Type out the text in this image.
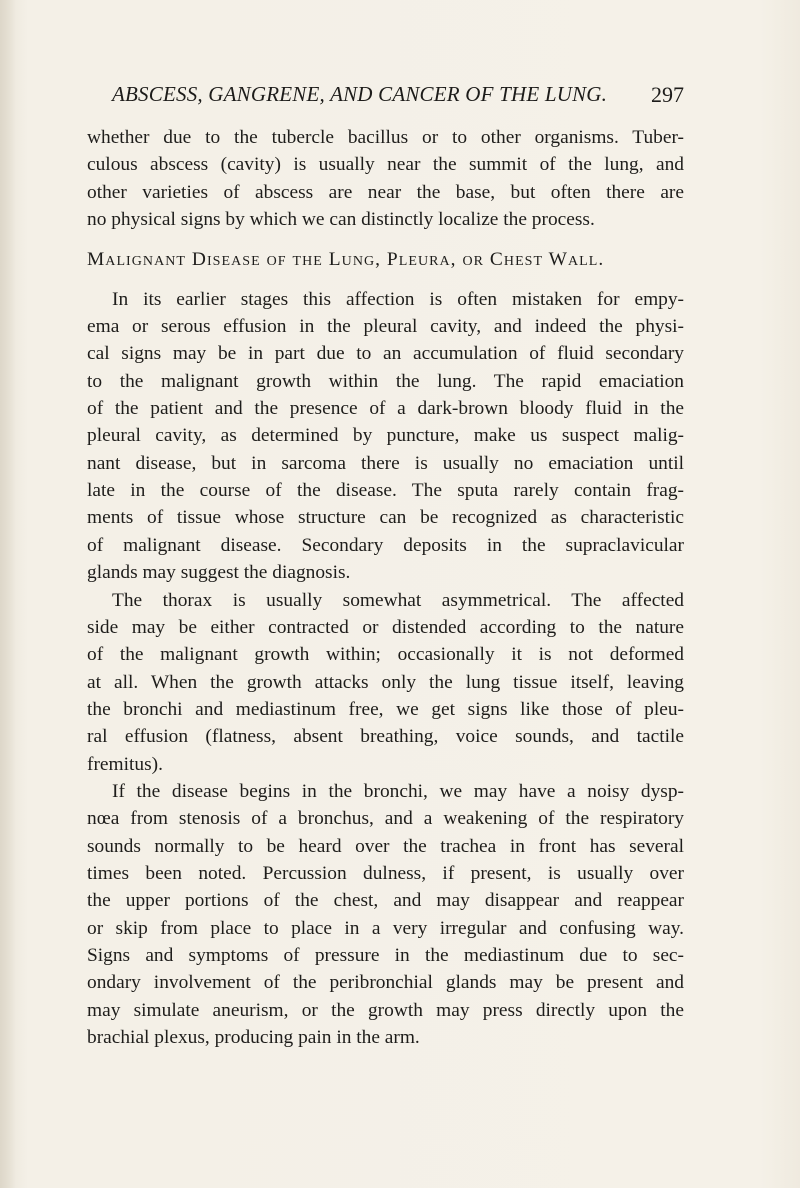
ABSCESS, GANGRENE, AND CANCER OF THE LUNG. 297
whether due to the tubercle bacillus or to other organisms. Tuber-
culous abscess (cavity) is usually near the summit of the lung, and
other varieties of abscess are near the base, but often there are
no physical signs by which we can distinctly localize the process.
Malignant Disease of the Lung, Pleura, or Chest Wall.
In its earlier stages this affection is often mistaken for empy-
ema or serous effusion in the pleural cavity, and indeed the physi-
cal signs may be in part due to an accumulation of fluid secondary
to the malignant growth within the lung. The rapid emaciation
of the patient and the presence of a dark-brown bloody fluid in the
pleural cavity, as determined by puncture, make us suspect malig-
nant disease, but in sarcoma there is usually no emaciation until
late in the course of the disease. The sputa rarely contain frag-
ments of tissue whose structure can be recognized as characteristic
of malignant disease. Secondary deposits in the supraclavicular
glands may suggest the diagnosis.
The thorax is usually somewhat asymmetrical. The affected
side may be either contracted or distended according to the nature
of the malignant growth within; occasionally it is not deformed
at all. When the growth attacks only the lung tissue itself, leaving
the bronchi and mediastinum free, we get signs like those of pleu-
ral effusion (flatness, absent breathing, voice sounds, and tactile
fremitus).
If the disease begins in the bronchi, we may have a noisy dysp-
nœa from stenosis of a bronchus, and a weakening of the respiratory
sounds normally to be heard over the trachea in front has several
times been noted. Percussion dulness, if present, is usually over
the upper portions of the chest, and may disappear and reappear
or skip from place to place in a very irregular and confusing way.
Signs and symptoms of pressure in the mediastinum due to sec-
ondary involvement of the peribronchial glands may be present and
may simulate aneurism, or the growth may press directly upon the
brachial plexus, producing pain in the arm.
